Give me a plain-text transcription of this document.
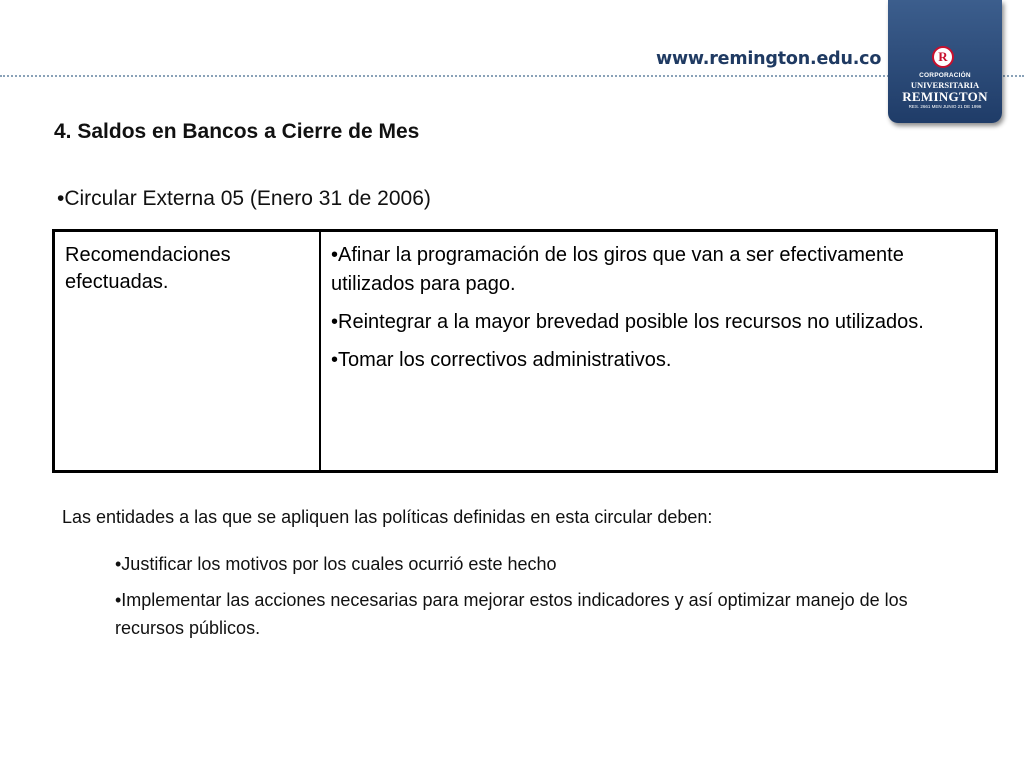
www.remington.edu.co
R
CORPORACIÓN
UNIVERSITARIA
REMINGTON
RES. 2661 MEN JUNIO 21 DE 1996
4. Saldos en Bancos a Cierre de Mes
•Circular Externa 05 (Enero 31 de 2006)
Recomendaciones efectuadas.

•Afinar la programación de los giros que van a ser efectivamente utilizados para pago.

•Reintegrar a la mayor brevedad posible los recursos no utilizados.

•Tomar los correctivos administrativos.

Las entidades a las que se apliquen las políticas definidas en esta circular deben:

•Justificar los motivos por los cuales ocurrió este hecho

•Implementar las acciones necesarias para mejorar estos indicadores y así optimizar manejo de los recursos públicos.
